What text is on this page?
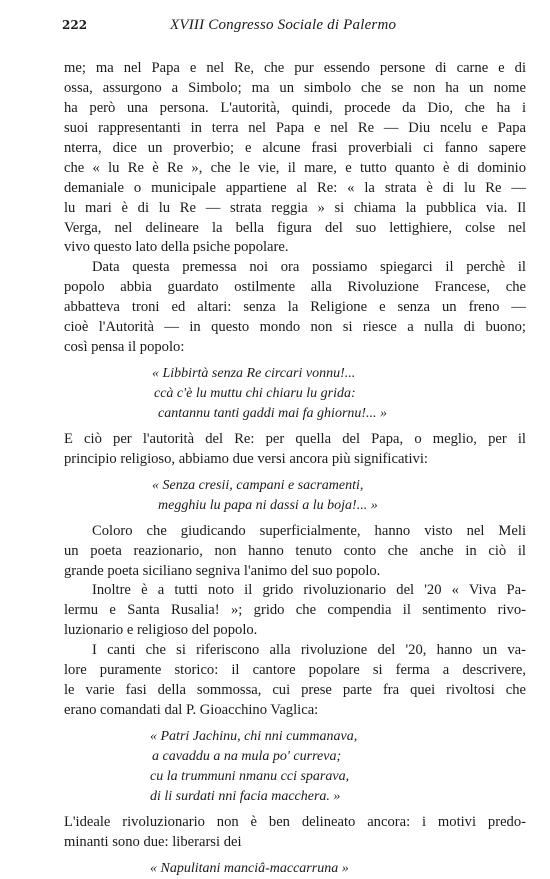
222	XVIII Congresso Sociale di Palermo
me; ma nel Papa e nel Re, che pur essendo persone di carne e di
ossa, assurgono a Simbolo; ma un simbolo che se non ha un nome
ha però una persona. L'autorità, quindi, procede da Dio, che ha i
suoi rappresentanti in terra nel Papa e nel Re — Diu ncelu e Papa
nterra, dice un proverbio; e alcune frasi proverbiali ci fanno sapere
che « lu Re è Re », che le vie, il mare, e tutto quanto è di dominio
demaniale o municipale appartiene al Re: « la strata è di lu Re —
lu mari è di lu Re — strata reggia » si chiama la pubblica via. Il
Verga, nel delineare la bella figura del suo lettighiere, colse nel
vivo questo lato della psiche popolare.
Data questa premessa noi ora possiamo spiegarci il perchè il
popolo abbia guardato ostilmente alla Rivoluzione Francese, che
abbatteva troni ed altari: senza la Religione e senza un freno —
cioè l'Autorità — in questo mondo non si riesce a nulla di buono;
così pensa il popolo:
« Libbirtà senza Re circari vonnu!...
ccà c'è lu muttu chi chiaru lu grida:
cantannu tanti gaddi mai fa ghiornu!... »
E ciò per l'autorità del Re: per quella del Papa, o meglio, per il
principio religioso, abbiamo due versi ancora più significativi:
« Senza cresii, campani e sacramenti,
megghiu lu papa ni dassi a lu boja!... »
Coloro che giudicando superficialmente, hanno visto nel Meli
un poeta reazionario, non hanno tenuto conto che anche in ciò il
grande poeta siciliano segniva l'animo del suo popolo.
Inoltre è a tutti noto il grido rivoluzionario del '20 « Viva Pa-
lermu e Santa Rusalia! »; grido che compendia il sentimento rivo-
luzionario e religioso del popolo.
I canti che si riferiscono alla rivoluzione del '20, hanno un va-
lore puramente storico: il cantore popolare si ferma a descrivere,
le varie fasi della sommossa, cui prese parte fra quei rivoltosi che
erano comandati dal P. Gioacchino Vaglica:
« Patri Jachinu, chi nni cummanava,
a cavaddu a na mula po' curreva;
cu la trummuni nmanu cci sparava,
di li surdati nni facia macchera. »
L'ideale rivoluzionario non è ben delineato ancora: i motivi predo-
minanti sono due: liberarsi dei
« Napulitani manciâ-maccarruna »
